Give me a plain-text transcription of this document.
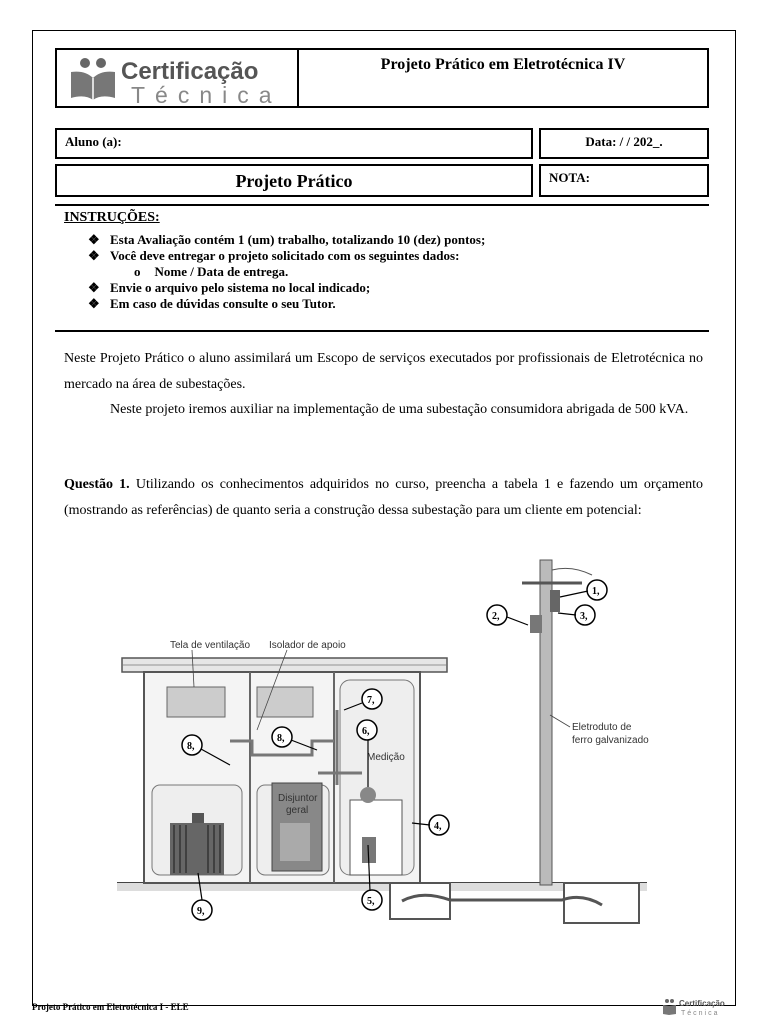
Certificação
Técnica
Projeto Prático em Eletrotécnica IV
Aluno (a):	Data: / / 202_.
Projeto Prático	NOTA:
INSTRUÇÕES:
❖ Esta Avaliação contém 1 (um) trabalho, totalizando 10 (dez) pontos;
❖ Você deve entregar o projeto solicitado com os seguintes dados:
o Nome / Data de entrega.
❖ Envie o arquivo pelo sistema no local indicado;
❖ Em caso de dúvidas consulte o seu Tutor.
Neste Projeto Prático o aluno assimilará um Escopo de serviços executados por profissionais de Eletrotécnica no mercado na área de subestações.
Neste projeto iremos auxiliar na implementação de uma subestação consumidora abrigada de 500 kVA.
Questão 1. Utilizando os conhecimentos adquiridos no curso, preencha a tabela 1 e fazendo um orçamento (mostrando as referências) de quanto seria a construção dessa subestação para um cliente em potencial:
Disjuntor
geral
Medição
Tela de ventilação Isolador de apoio
Eletroduto de
ferro galvanizado
1,
2,	3,
4,
5,
6,
7,
8,
8,
9,
Projeto Prático em Eletrotécnica I - ELE	Certificação
Técnica
